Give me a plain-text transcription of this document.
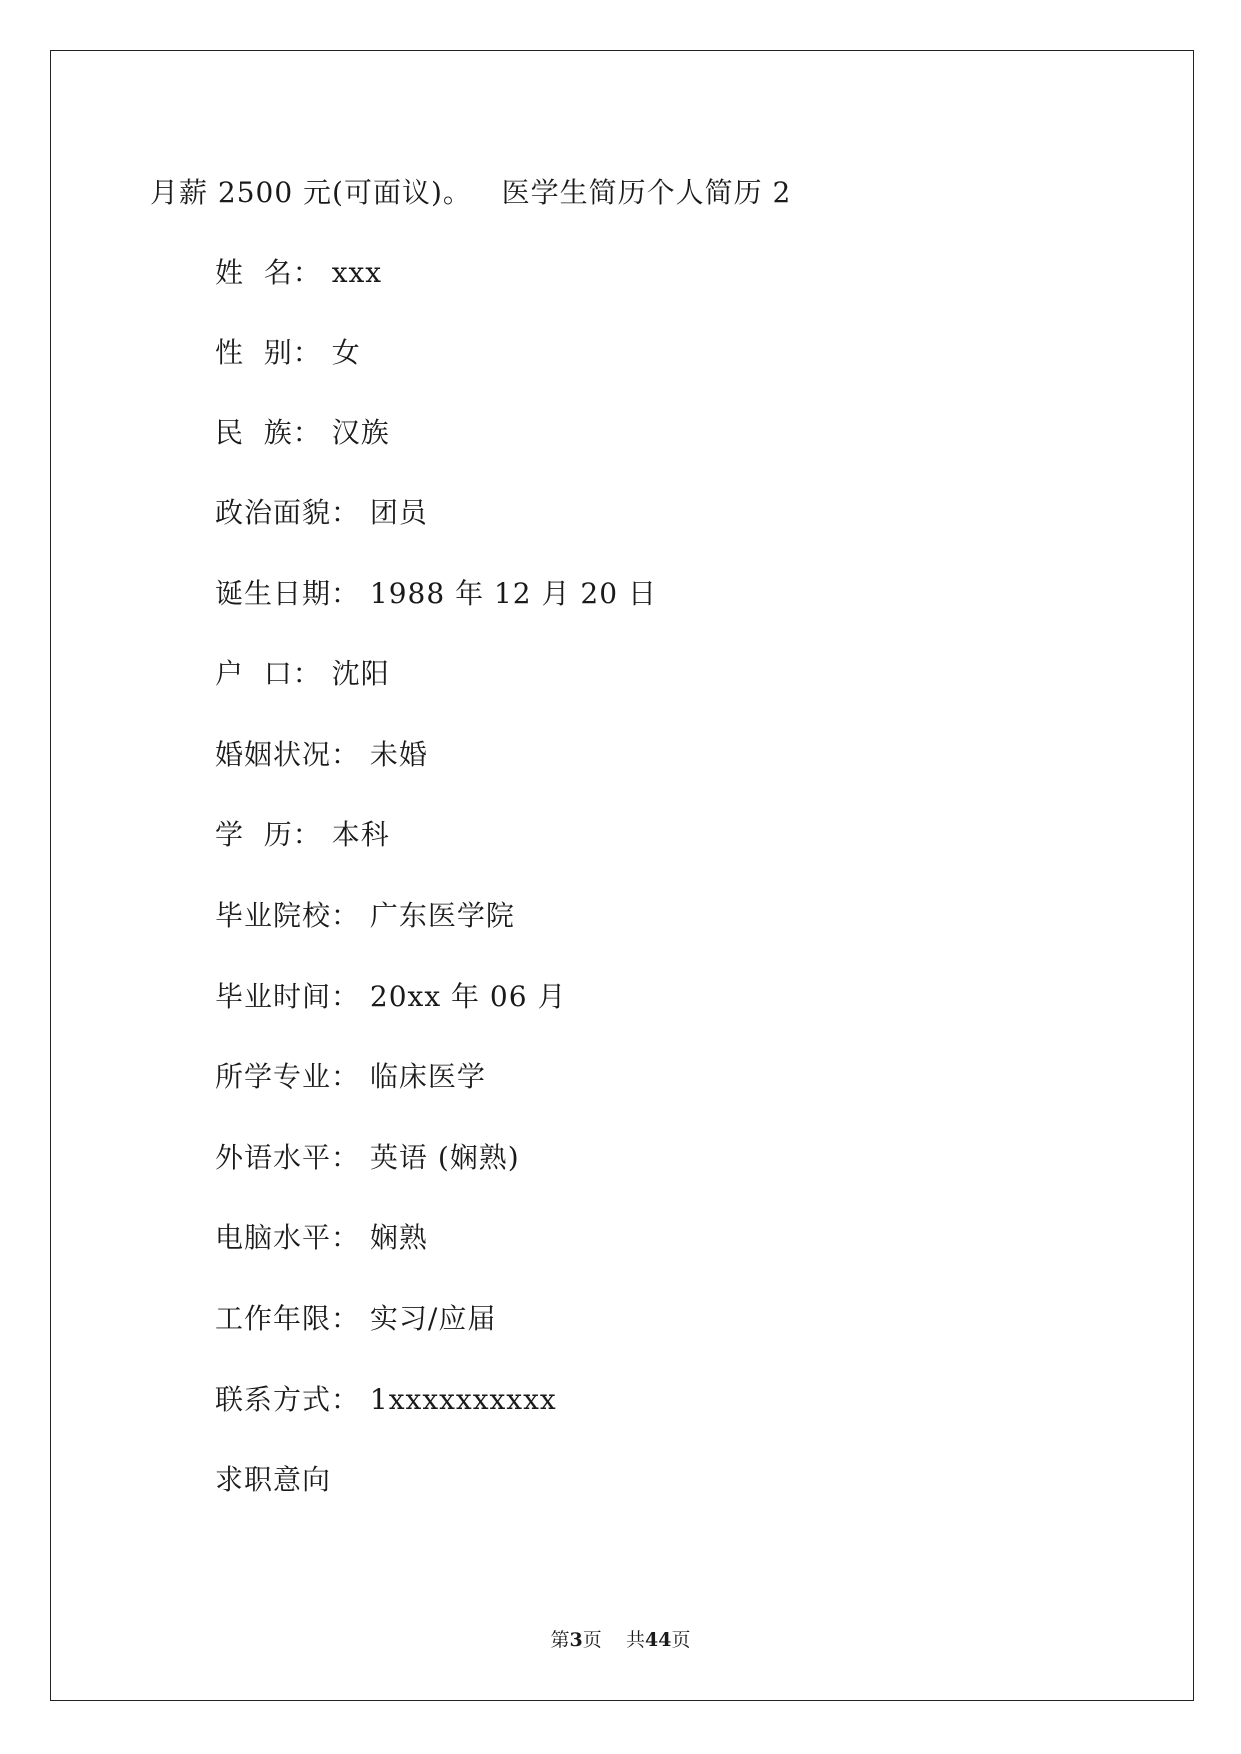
月薪 2500 元(可面议)。   医学生简历个人简历 2
姓  名： xxx
性  别： 女
民  族： 汉族
政治面貌： 团员
诞生日期： 1988 年 12 月 20 日
户  口： 沈阳
婚姻状况： 未婚
学  历： 本科
毕业院校： 广东医学院
毕业时间： 20xx 年 06 月
所学专业： 临床医学
外语水平： 英语 (娴熟)
电脑水平： 娴熟
工作年限： 实习/应届
联系方式： 1xxxxxxxxxx
求职意向
第3页 共44页
